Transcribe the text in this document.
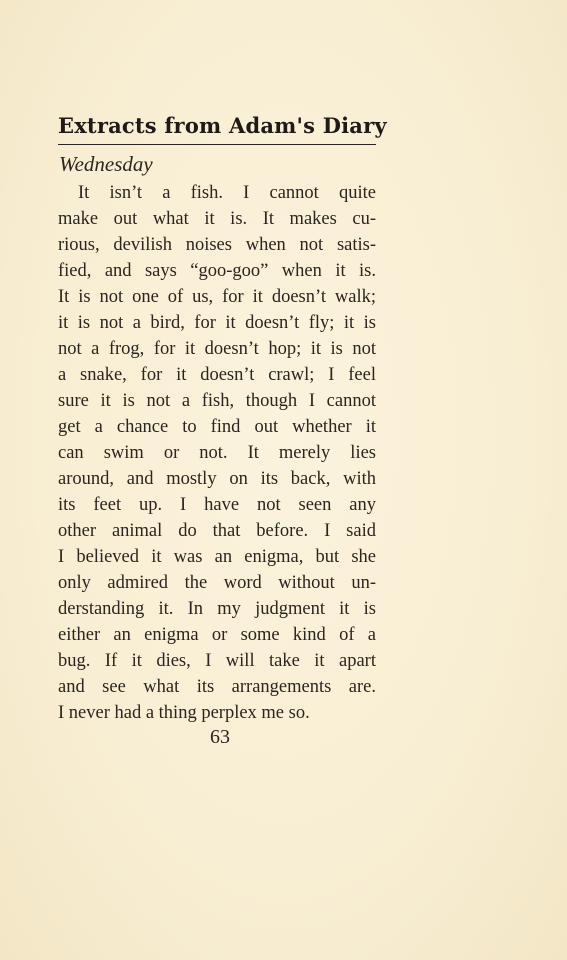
Extracts from Adam's Diary
Wednesday
It isn’t a fish. I cannot quite
make out what it is. It makes cu-
rious, devilish noises when not satis-
fied, and says “goo-goo” when it is.
It is not one of us, for it doesn’t walk;
it is not a bird, for it doesn’t fly; it is
not a frog, for it doesn’t hop; it is not
a snake, for it doesn’t crawl; I feel
sure it is not a fish, though I cannot
get a chance to find out whether it
can swim or not. It merely lies
around, and mostly on its back, with
its feet up. I have not seen any
other animal do that before. I said
I believed it was an enigma, but she
only admired the word without un-
derstanding it. In my judgment it is
either an enigma or some kind of a
bug. If it dies, I will take it apart
and see what its arrangements are.
I never had a thing perplex me so.
63
